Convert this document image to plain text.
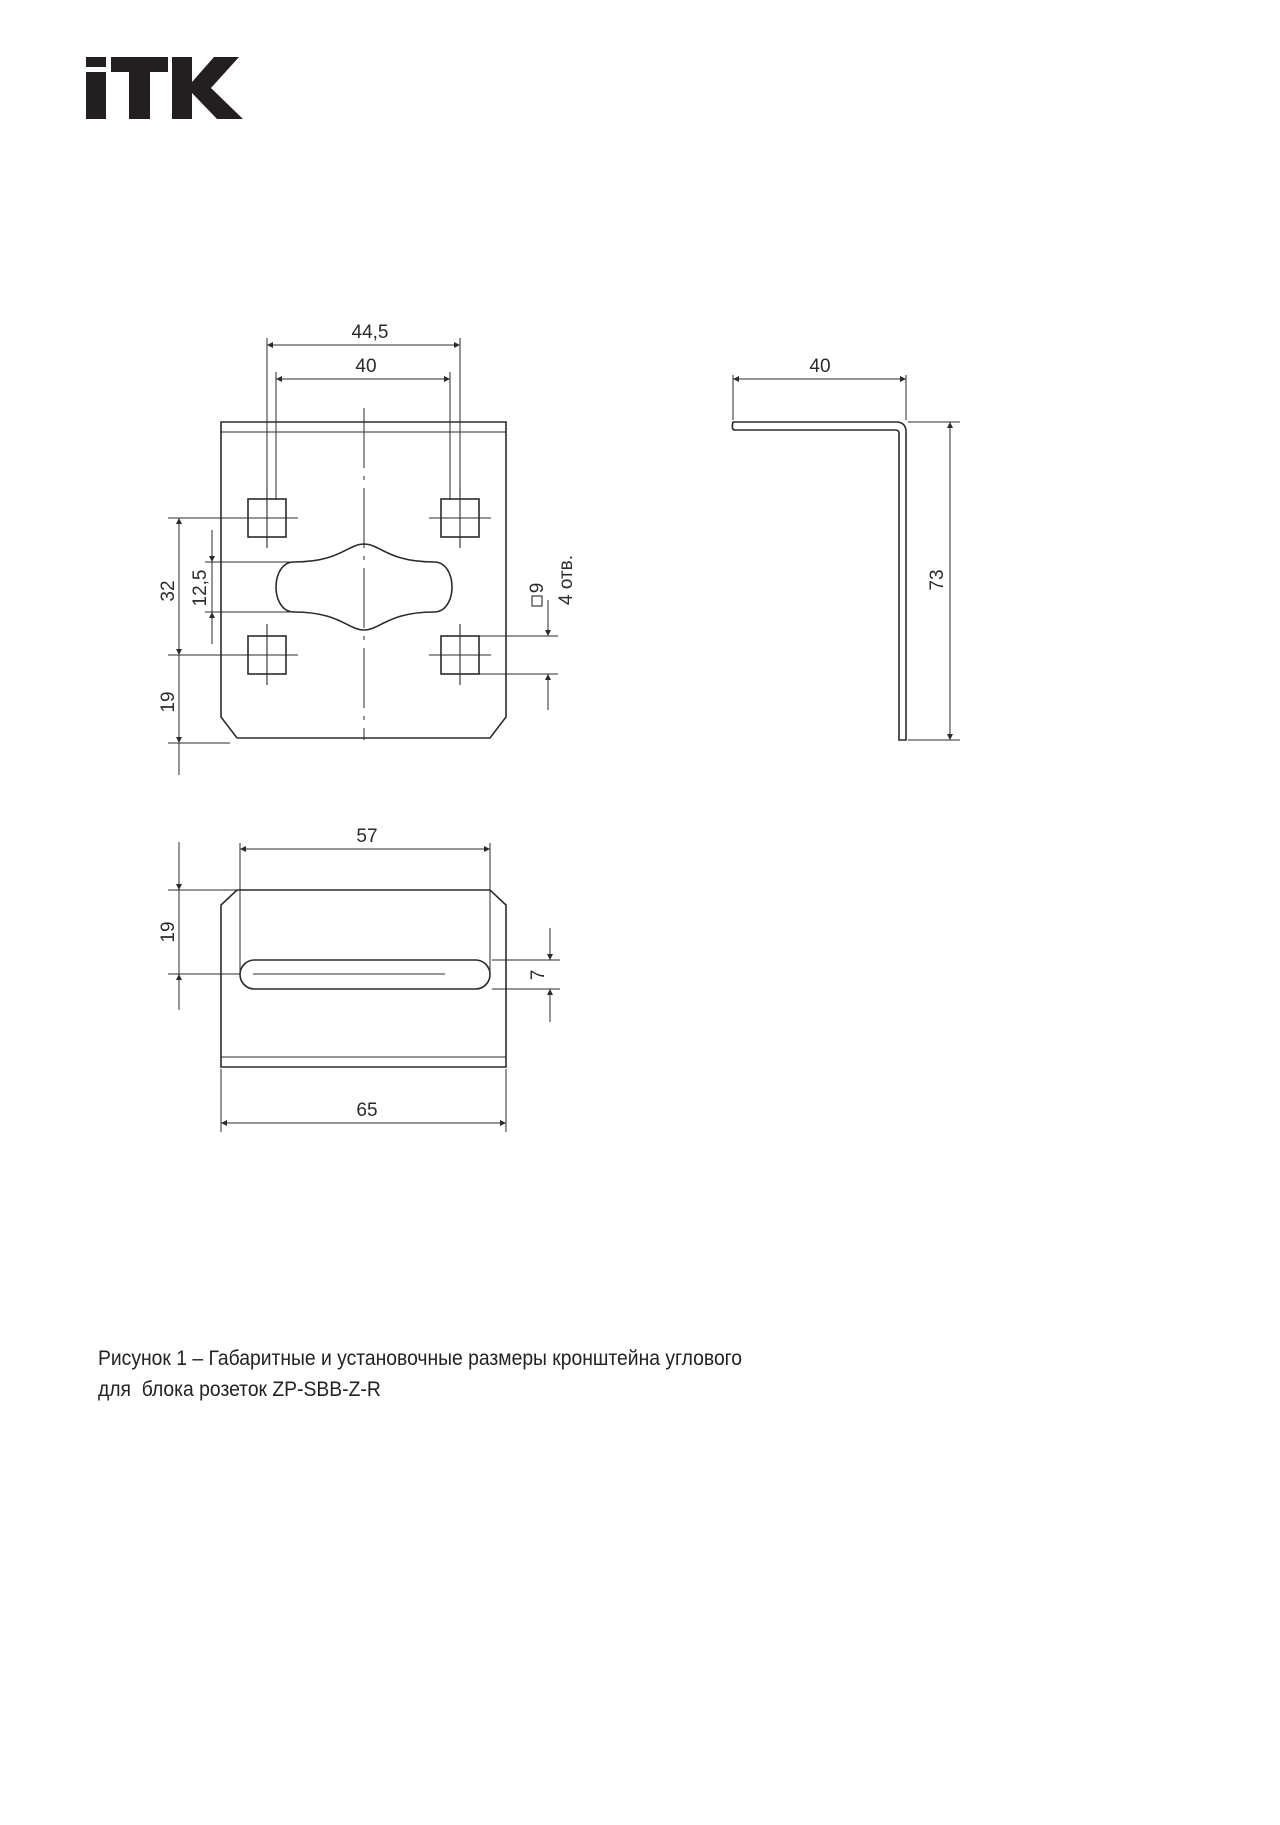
44,5
40
32 12,5
19
9 4 отв.
40
73
57
19
7
65
Рисунок 1 – Габаритные и установочные размеры кронштейна углового
для  блока розеток ZP-SBB-Z-R
